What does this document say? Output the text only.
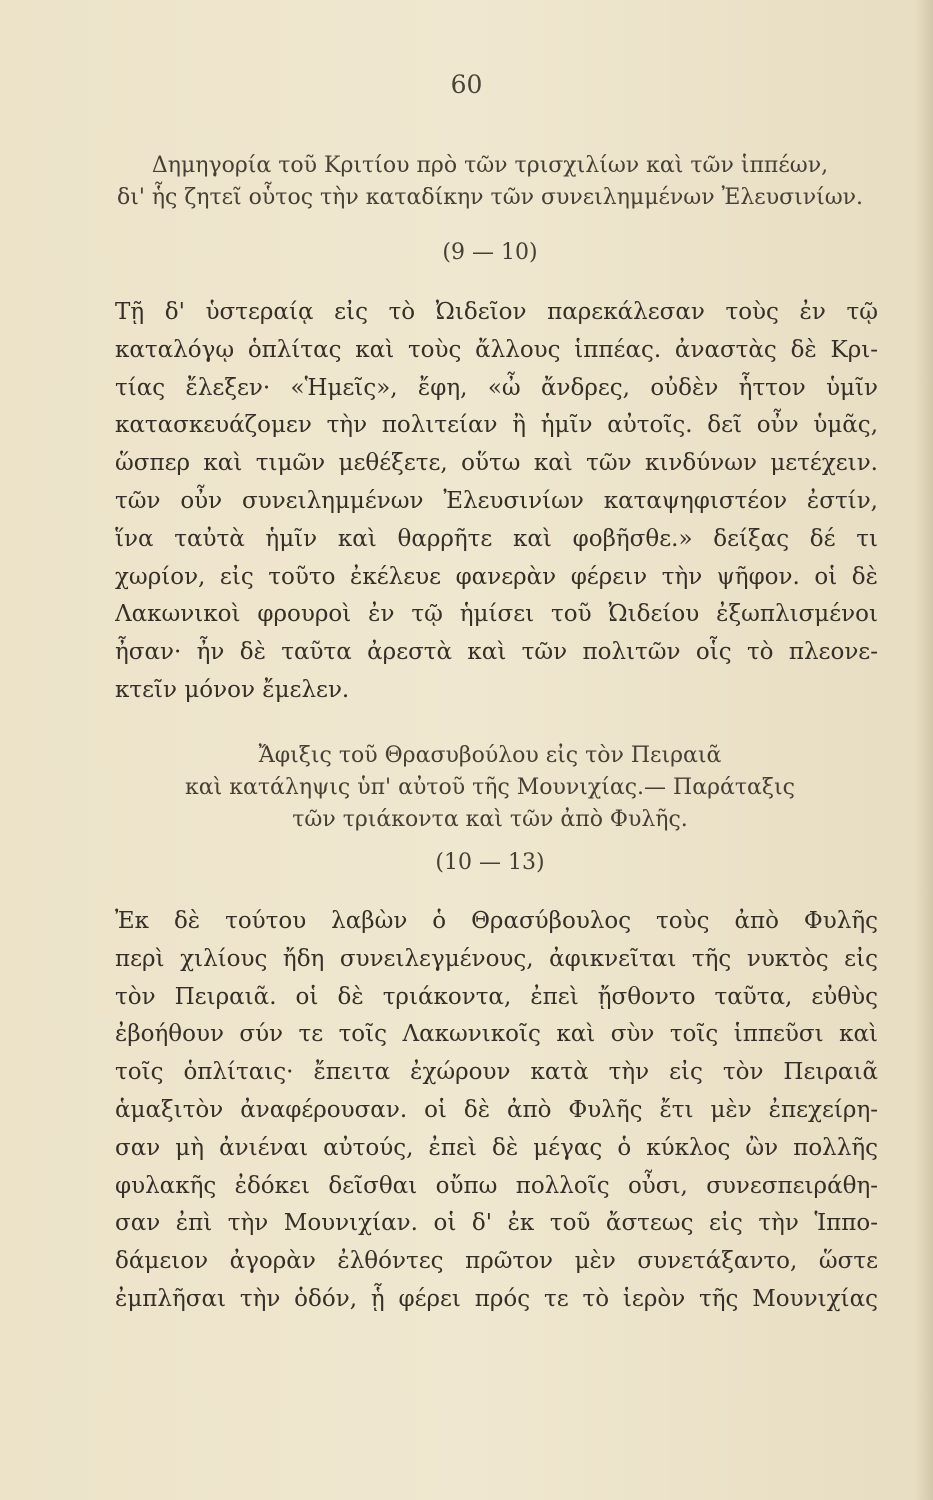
60
Δημηγορία τοῦ Κριτίου πρὸ τῶν τρισχιλίων καὶ τῶν ἱππέων,
δι' ἧς ζητεῖ οὗτος τὴν καταδίκην τῶν συνειλημμένων Ἐλευσινίων.
(9 — 10)
Τῇ δ' ὑστεραίᾳ εἰς τὸ Ὠιδεῖον παρεκάλεσαν τοὺς ἐν τῷ
καταλόγῳ ὁπλίτας καὶ τοὺς ἄλλους ἱππέας. ἀναστὰς δὲ Κρι-
τίας ἔλεξεν· «Ἡμεῖς», ἔφη, «ὦ ἄνδρες, οὐδὲν ἧττον ὑμῖν
κατασκευάζομεν τὴν πολιτείαν ἢ ἡμῖν αὐτοῖς. δεῖ οὖν ὑμᾶς,
ὥσπερ καὶ τιμῶν μεθέξετε, οὕτω καὶ τῶν κινδύνων μετέχειν.
τῶν οὖν συνειλημμένων Ἐλευσινίων καταψηφιστέον ἐστίν,
ἵνα ταὐτὰ ἡμῖν καὶ θαρρῆτε καὶ φοβῆσθε.» δείξας δέ τι
χωρίον, εἰς τοῦτο ἐκέλευε φανερὰν φέρειν τὴν ψῆφον. οἱ δὲ
Λακωνικοὶ φρουροὶ ἐν τῷ ἡμίσει τοῦ Ὠιδείου ἐξωπλισμένοι
ἦσαν· ἦν δὲ ταῦτα ἀρεστὰ καὶ τῶν πολιτῶν οἷς τὸ πλεονε-
κτεῖν μόνον ἔμελεν.
Ἄφιξις τοῦ Θρασυβούλου εἰς τὸν Πειραιᾶ
καὶ κατάληψις ὑπ' αὐτοῦ τῆς Μουνιχίας.— Παράταξις
τῶν τριάκοντα καὶ τῶν ἀπὸ Φυλῆς.
(10 — 13)
Ἐκ δὲ τούτου λαβὼν ὁ Θρασύβουλος τοὺς ἀπὸ Φυλῆς
περὶ χιλίους ἤδη συνειλεγμένους, ἀφικνεῖται τῆς νυκτὸς εἰς
τὸν Πειραιᾶ. οἱ δὲ τριάκοντα, ἐπεὶ ᾔσθοντο ταῦτα, εὐθὺς
ἐβοήθουν σύν τε τοῖς Λακωνικοῖς καὶ σὺν τοῖς ἱππεῦσι καὶ
τοῖς ὁπλίταις· ἔπειτα ἐχώρουν κατὰ τὴν εἰς τὸν Πειραιᾶ
ἁμαξιτὸν ἀναφέρουσαν. οἱ δὲ ἀπὸ Φυλῆς ἔτι μὲν ἐπεχείρη-
σαν μὴ ἀνιέναι αὐτούς, ἐπεὶ δὲ μέγας ὁ κύκλος ὢν πολλῆς
φυλακῆς ἐδόκει δεῖσθαι οὔπω πολλοῖς οὖσι, συνεσπειράθη-
σαν ἐπὶ τὴν Μουνιχίαν. οἱ δ' ἐκ τοῦ ἄστεως εἰς τὴν Ἱππο-
δάμειον ἀγορὰν ἐλθόντες πρῶτον μὲν συνετάξαντο, ὥστε
ἐμπλῆσαι τὴν ὁδόν, ᾗ φέρει πρός τε τὸ ἱερὸν τῆς Μουνιχίας
